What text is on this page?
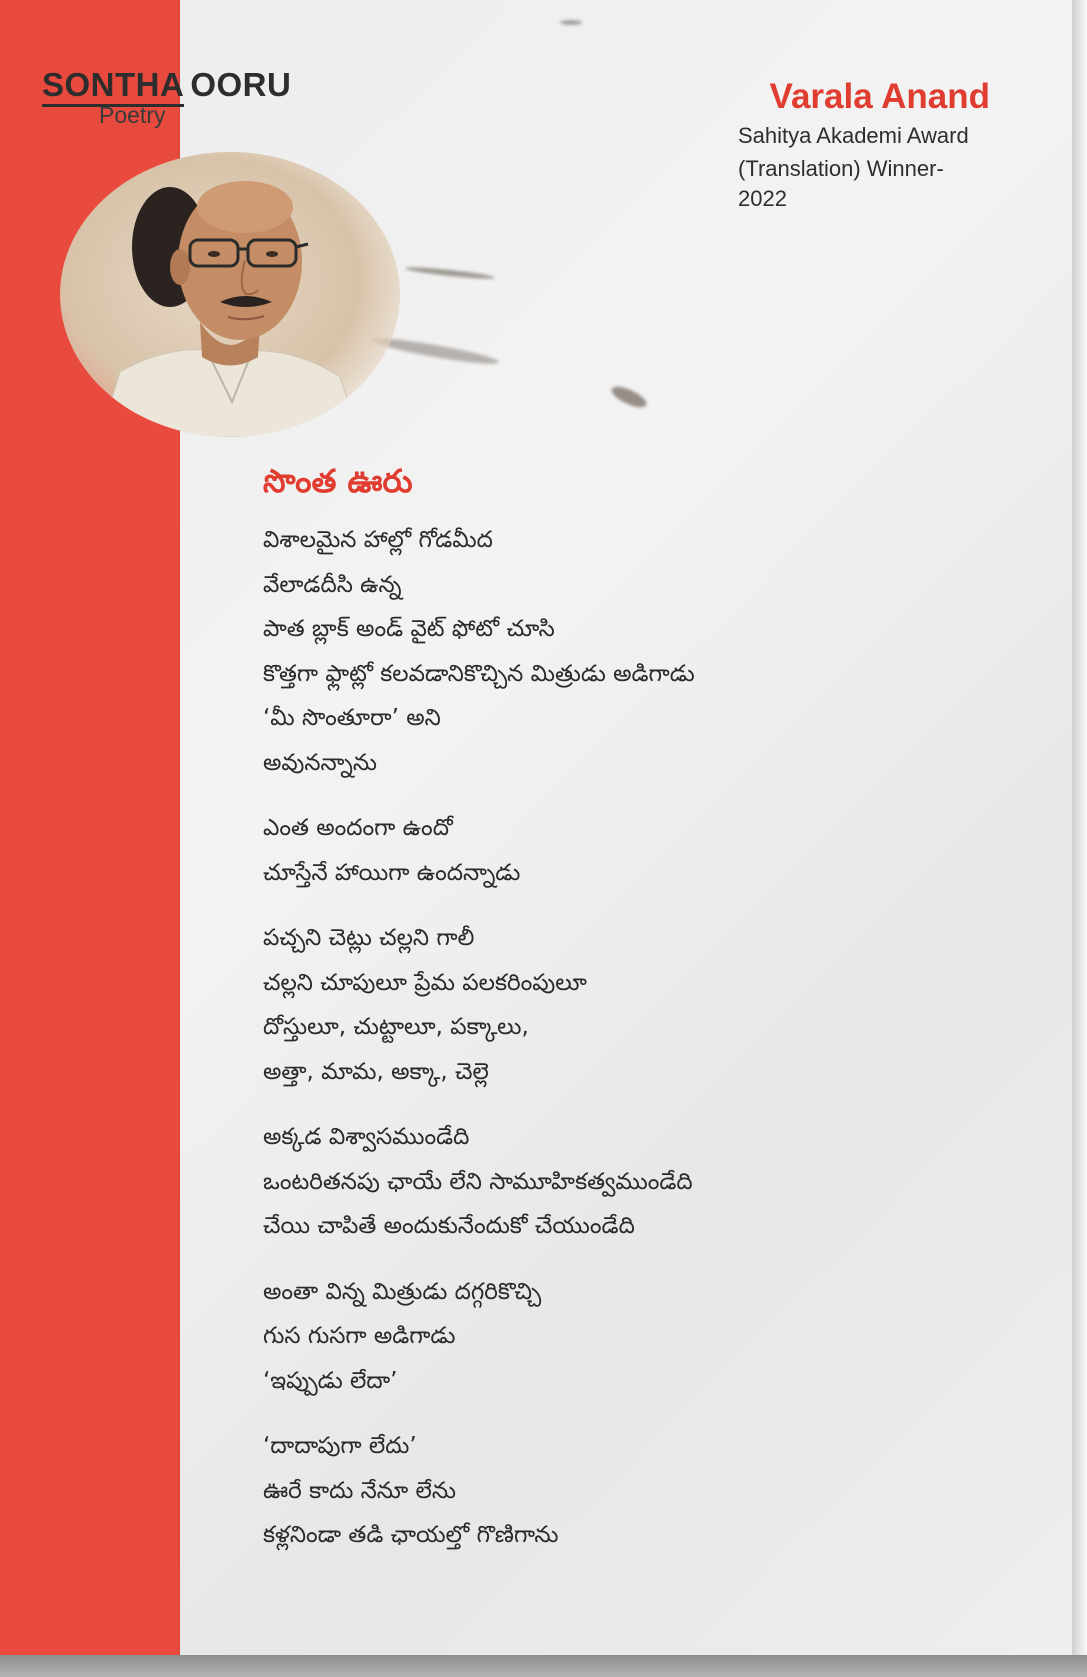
SONTHA OORU
Poetry	Varala Anand
Sahitya Akademi Award
(Translation) Winner-2022
సొంత ఊరు
విశాలమైన హాల్లో గోడమీద
వేలాడదీసి ఉన్న
పాత బ్లాక్ అండ్ వైట్ ఫోటో చూసి
కొత్తగా ఫ్లాట్లో కలవడానికొచ్చిన మిత్రుడు అడిగాడు
‘మీ సొంతూరా’ అని
అవునన్నాను
ఎంత అందంగా ఉందో
చూస్తేనే హాయిగా ఉందన్నాడు
పచ్చని చెట్లు చల్లని గాలీ
చల్లని చూపులూ ప్రేమ పలకరింపులూ
దోస్తులూ, చుట్టాలూ, పక్కాలు,
అత్తా, మామ, అక్కా, చెల్లె
అక్కడ విశ్వాసముండేది
ఒంటరితనపు ఛాయే లేని సామూహికత్వముండేది
చేయి చాపితే అందుకునేందుకో చేయుండేది
అంతా విన్న మిత్రుడు దగ్గరికొచ్చి
గుస గుసగా అడిగాడు
‘ఇప్పుడు లేదా’
‘దాదాపుగా లేదు’
ఊరే కాదు నేనూ లేను
కళ్లనిండా తడి ఛాయల్తో గొణిగాను
